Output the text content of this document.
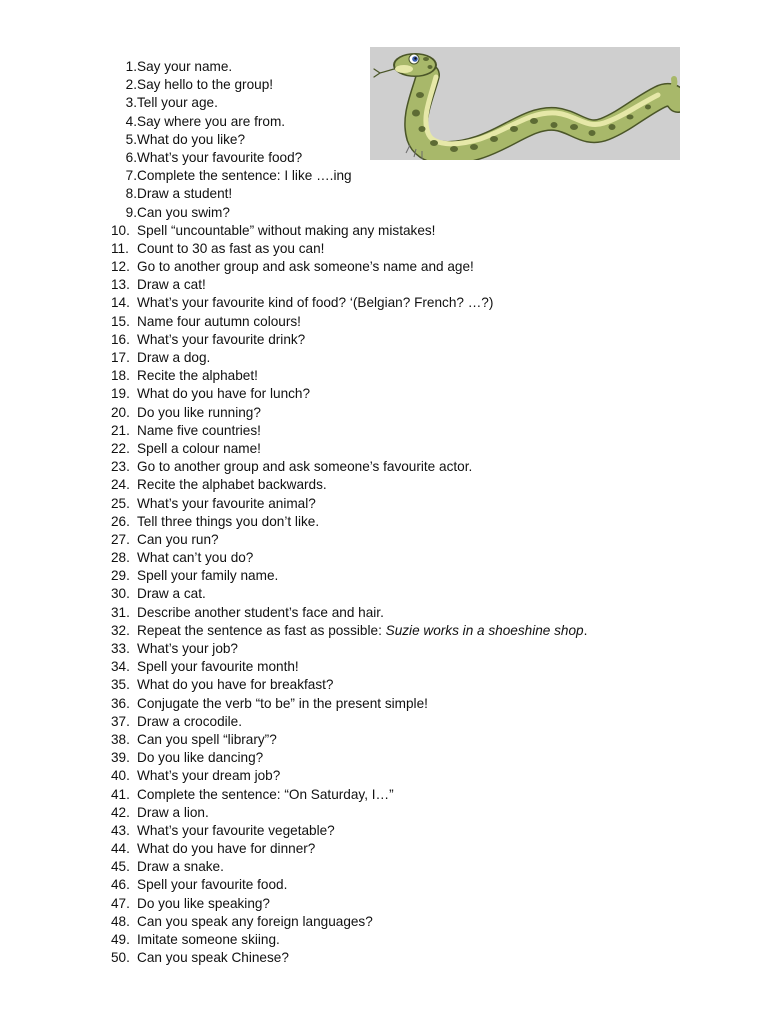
1. Say your name.
2. Say hello to the group!
3. Tell your age.
4. Say where you are from.
5. What do you like?
6. What’s your favourite food?
7. Complete the sentence: I like ….ing
8. Draw a student!
9. Can you swim?
10. Spell “uncountable” without making any mistakes!
11. Count to 30 as fast as you can!
12. Go to another group and ask someone’s name and age!
13. Draw a cat!
14. What’s your favourite kind of food? ‘(Belgian? French? …?)
15. Name four autumn colours!
16. What’s your favourite drink?
17. Draw a dog.
18. Recite the alphabet!
19. What do you have for lunch?
20. Do you like running?
21. Name five countries!
22. Spell a colour name!
23. Go to another group and ask someone’s favourite actor.
24. Recite the alphabet backwards.
25. What’s your favourite animal?
26. Tell three things you don’t like.
27. Can you run?
28. What can’t you do?
29. Spell your family name.
30. Draw a cat.
31. Describe another student’s face and hair.
32. Repeat the sentence as fast as possible: Suzie works in a shoeshine shop.
33. What’s your job?
34. Spell your favourite month!
35. What do you have for breakfast?
36. Conjugate the verb “to be” in the present simple!
37. Draw a crocodile.
38. Can you spell “library”?
39. Do you like dancing?
40. What’s your dream job?
41. Complete the sentence: “On Saturday, I…”
42. Draw a lion.
43. What’s your favourite vegetable?
44. What do you have for dinner?
45. Draw a snake.
46. Spell your favourite food.
47. Do you like speaking?
48. Can you speak any foreign languages?
49. Imitate someone skiing.
50. Can you speak Chinese?
